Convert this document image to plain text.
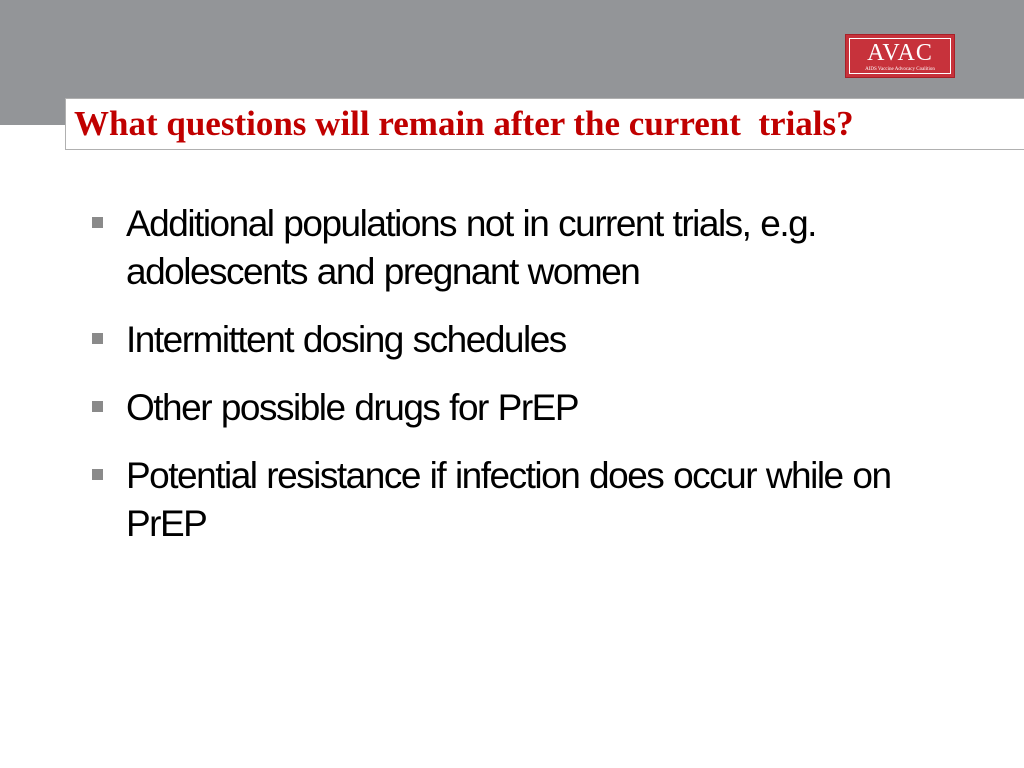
AVAC
AIDS Vaccine Advocacy Coalition
What questions will remain after the current  trials?
Additional populations not in current trials, e.g. adolescents and pregnant women
Intermittent dosing schedules
Other possible drugs for PrEP
Potential resistance if infection does occur while on PrEP
